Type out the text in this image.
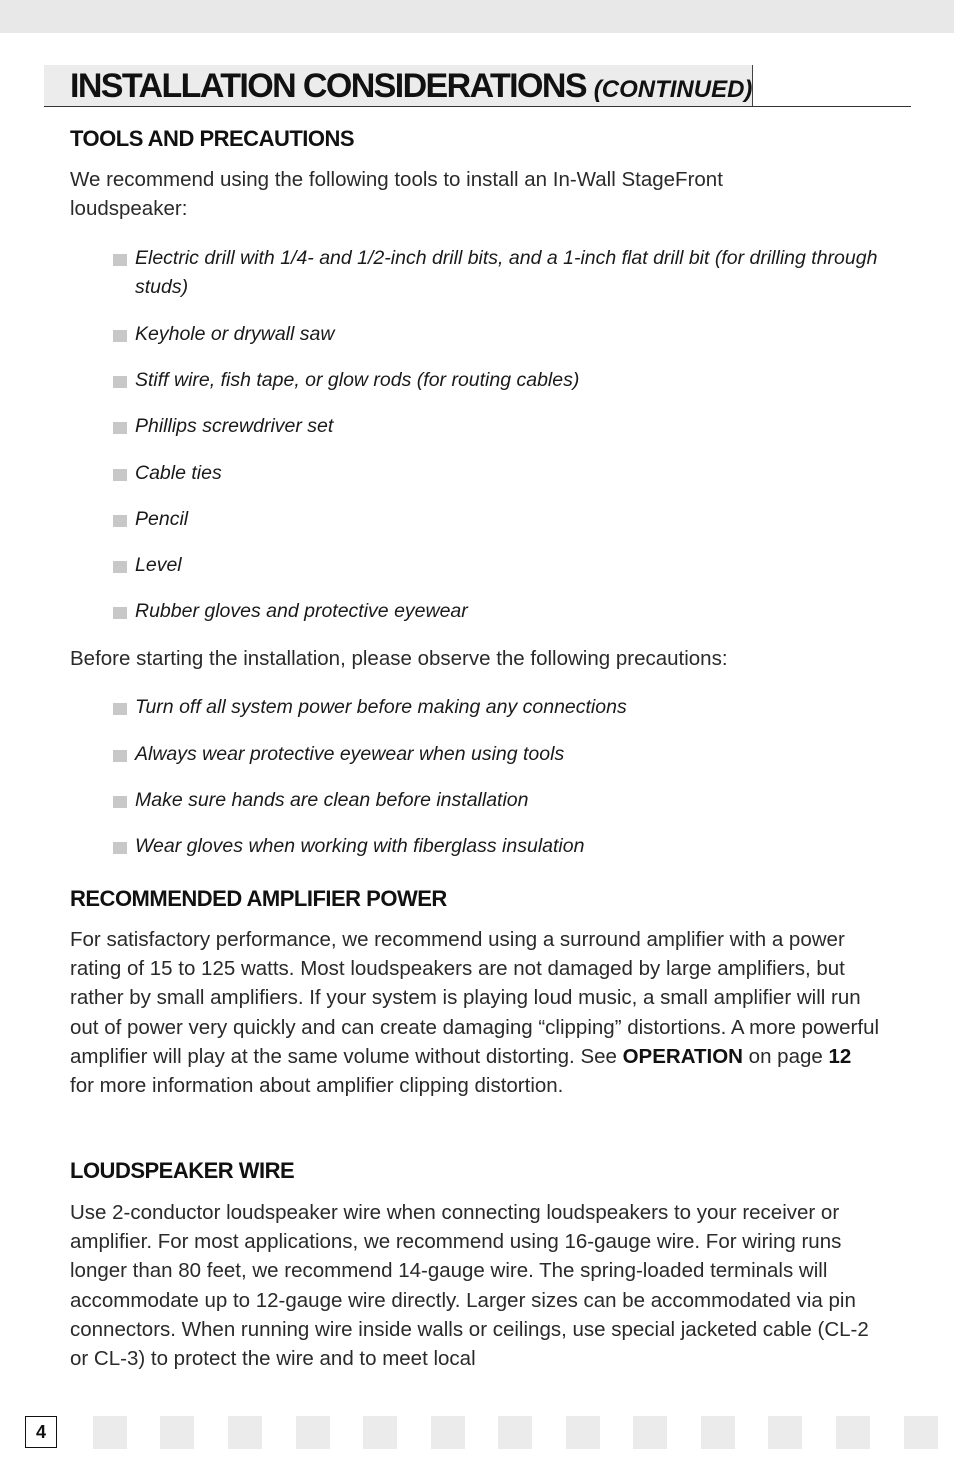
INSTALLATION CONSIDERATIONS (CONTINUED)
TOOLS AND PRECAUTIONS

We recommend using the following tools to install an In-Wall StageFront loudspeaker:

Electric drill with 1/4- and 1/2-inch drill bits, and a 1-inch flat drill bit (for drilling through studs)
Keyhole or drywall saw
Stiff wire, fish tape, or glow rods (for routing cables)
Phillips screwdriver set
Cable ties
Pencil
Level
Rubber gloves and protective eyewear

Before starting the installation, please observe the following precautions:

Turn off all system power before making any connections
Always wear protective eyewear when using tools
Make sure hands are clean before installation
Wear gloves when working with fiberglass insulation
RECOMMENDED AMPLIFIER POWER

For satisfactory performance, we recommend using a surround amplifier with a power rating of 15 to 125 watts. Most loudspeakers are not damaged by large amplifiers, but rather by small amplifiers. If your system is playing loud music, a small amplifier will run out of power very quickly and can create damaging “clipping” distortions. A more powerful amplifier will play at the same volume without distorting. See OPERATION on page 12 for more information about amplifier clipping distortion.

LOUDSPEAKER WIRE

Use 2-conductor loudspeaker wire when connecting loudspeakers to your receiver or amplifier. For most applications, we recommend using 16-gauge wire. For wiring runs longer than 80 feet, we recommend 14-gauge wire. The spring-loaded terminals will accommodate up to 12-gauge wire directly. Larger sizes can be accommodated via pin connectors. When running wire inside walls or ceilings, use special jacketed cable (CL-2 or CL-3) to protect the wire and to meet local

4
